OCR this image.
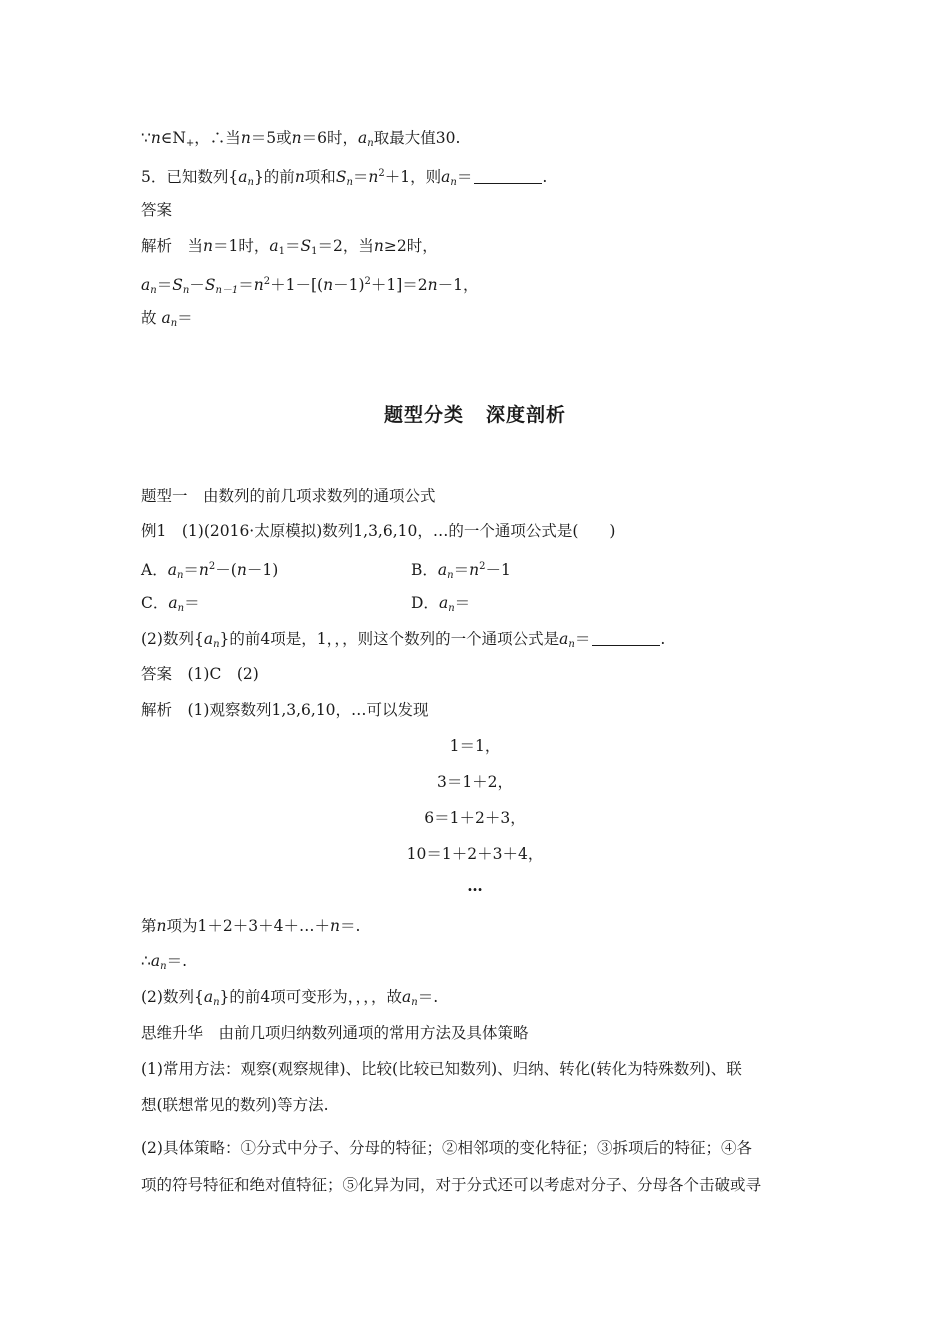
$\because n\in N_+$，∴当n＝5或n＝6时，$a_n$取最大值30.
5．已知数列$\{a_n\}$的前n项和$S_n=n^2+1$，则$a_n=$	.
答案
解析　当n＝1时，$a_1=S_1=2$，当n≥2时，
$a_n=S_n-S_{n-1}=n^2+1-[(n-1)^2+1]=2n-1$，
故 $a_n=$
题型分类 深度剖析
题型一　由数列的前几项求数列的通项公式
例1　(1)(2016·太原模拟)数列1,3,6,10，…的一个通项公式是(　　)
A．$a_n=n^2-(n-1)$	B．$a_n=n^2-1$
C．$a_n=$	D．$a_n=$
(2)数列$\{a_n\}$的前4项是，1，，，则这个数列的一个通项公式是$a_n=$	.
答案　(1)C　(2)
解析　(1)观察数列1,3,6,10，…可以发现
1＝1，
3＝1＋2，
6＝1＋2＋3，
10＝1＋2＋3＋4，
…
第n项为1＋2＋3＋4＋…＋n＝.
$\therefore a_n=$.
(2)数列$\{a_n\}$的前4项可变形为，，，，故$a_n=$.
思维升华　由前几项归纳数列通项的常用方法及具体策略
(1)常用方法：观察(观察规律)、比较(比较已知数列)、归纳、转化(转化为特殊数列)、联
想(联想常见的数列)等方法.
(2)具体策略：①分式中分子、分母的特征；②相邻项的变化特征；③拆项后的特征；④各
项的符号特征和绝对值特征；⑤化异为同，对于分式还可以考虑对分子、分母各个击破或寻
